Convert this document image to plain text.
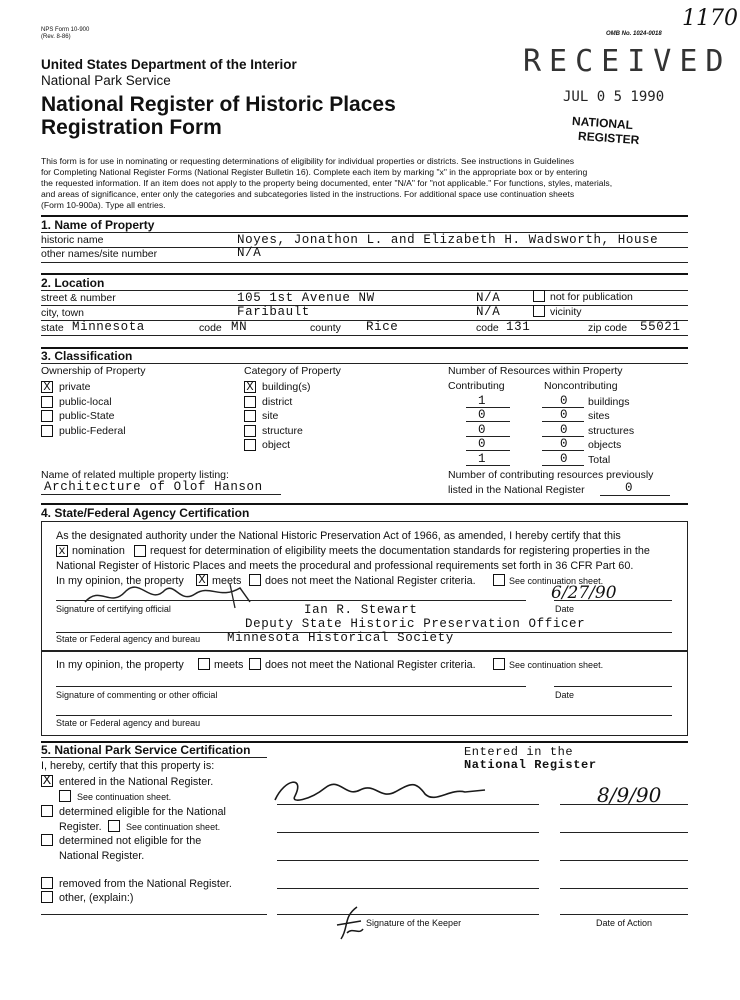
NPS Form 10-900
(Rev. 8-86)	OMB No. 1024-0018
1170
United States Department of the Interior
National Park Service
National Register of Historic Places
Registration Form
RECEIVED
JUL 0 5 1990
NATIONAL
REGISTER
This form is for use in nominating or requesting determinations of eligibility for individual properties or districts. See instructions in Guidelines
for Completing National Register Forms (National Register Bulletin 16). Complete each item by marking "x" in the appropriate box or by entering
the requested information. If an item does not apply to the property being documented, enter "N/A" for "not applicable." For functions, styles, materials,
and areas of significance, enter only the categories and subcategories listed in the instructions. For additional space use continuation sheets
(Form 10-900a). Type all entries.
1. Name of Property
historic name	Noyes, Jonathon L. and Elizabeth H. Wadsworth, House
other names/site number	N/A
2. Location
street & number	105 1st Avenue NW	N/A	not for publication
city, town	Faribault	N/A	vicinity
state Minnesota	code MN	county Rice	code 131	zip code 55021
3. Classification
Ownership of Property
X private
public-local
public-State
public-Federal
Category of Property
X building(s)
district
site
structure
object
Number of Resources within Property
Contributing	Noncontributing
1	0 buildings
0	0 sites
0	0 structures
0	0 objects
1	0 Total
Name of related multiple property listing:
Architecture of Olof Hanson
Number of contributing resources previously
listed in the National Register	0
4. State/Federal Agency Certification
As the designated authority under the National Historic Preservation Act of 1966, as amended, I hereby certify that this
x nomination request for determination of eligibility meets the documentation standards for registering properties in the
National Register of Historic Places and meets the procedural and professional requirements set forth in 36 CFR Part 60.
In my opinion, the property X meets does not meet the National Register criteria.	See continuation sheet.
6/27/90
Signature of certifying official	Ian R. Stewart	Date
Deputy State Historic Preservation Officer
State or Federal agency and bureau Minnesota Historical Society
In my opinion, the property	meets does not meet the National Register criteria.	See continuation sheet.
Signature of commenting or other official	Date
State or Federal agency and bureau
5. National Park Service Certification	Entered in the
National Register
I, hereby, certify that this property is:
X entered in the National Register.
See continuation sheet.
determined eligible for the National
Register.	See continuation sheet.
determined not eligible for the
National Register.
removed from the National Register.
other, (explain:)
8/9/90
Signature of the Keeper	Date of Action
